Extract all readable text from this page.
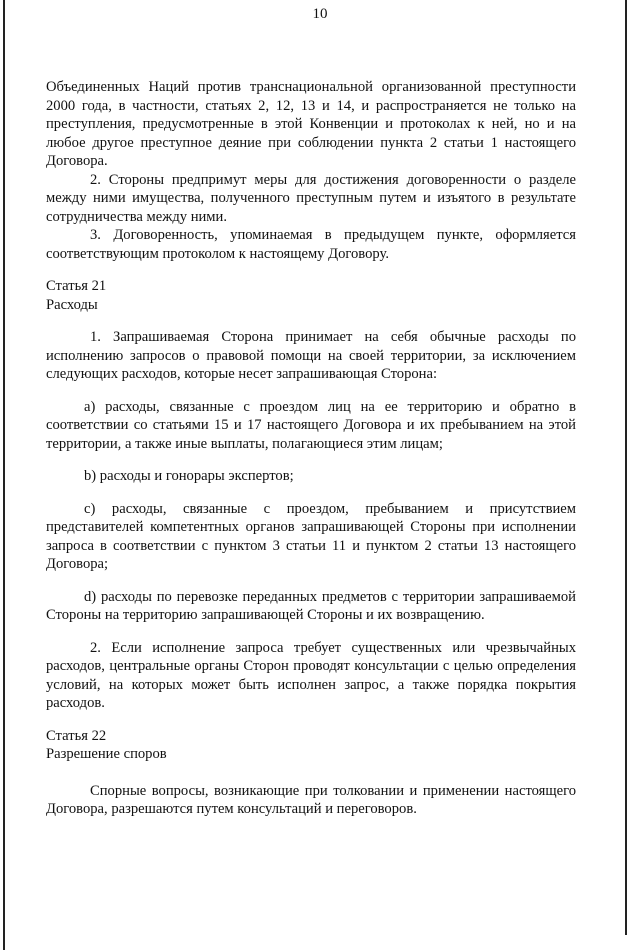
10

Объединенных Наций против транснациональной организованной преступности 2000 года, в частности, статьях 2, 12, 13 и 14, и распространяется не только на преступления, предусмотренные в этой Конвенции и протоколах к ней, но и на любое другое преступное деяние при соблюдении пункта 2 статьи 1 настоящего Договора.

2. Стороны предпримут меры для достижения договоренности о разделе между ними имущества, полученного преступным путем и изъятого в результате сотрудничества между ними.

3. Договоренность, упоминаемая в предыдущем пункте, оформляется соответствующим протоколом к настоящему Договору.

Статья 21

Расходы

1. Запрашиваемая Сторона принимает на себя обычные расходы по исполнению запросов о правовой помощи на своей территории, за исключением следующих расходов, которые несет запрашивающая Сторона:

а) расходы, связанные с проездом лиц на ее территорию и обратно в соответствии со статьями 15 и 17 настоящего Договора и их пребыванием на этой территории, а также иные выплаты, полагающиеся этим лицам;

b) расходы и гонорары экспертов;

c) расходы, связанные с проездом, пребыванием и присутствием представителей компетентных органов запрашивающей Стороны при исполнении запроса в соответствии с пунктом 3 статьи 11 и пунктом 2 статьи 13 настоящего Договора;

d) расходы по перевозке переданных предметов с территории запрашиваемой Стороны на территорию запрашивающей Стороны и их возвращению.

2. Если исполнение запроса требует существенных или чрезвычайных расходов, центральные органы Сторон проводят консультации с целью определения условий, на которых может быть исполнен запрос, а также порядка покрытия расходов.

Статья 22

Разрешение споров

Спорные вопросы, возникающие при толковании и применении настоящего Договора, разрешаются путем консультаций и переговоров.
